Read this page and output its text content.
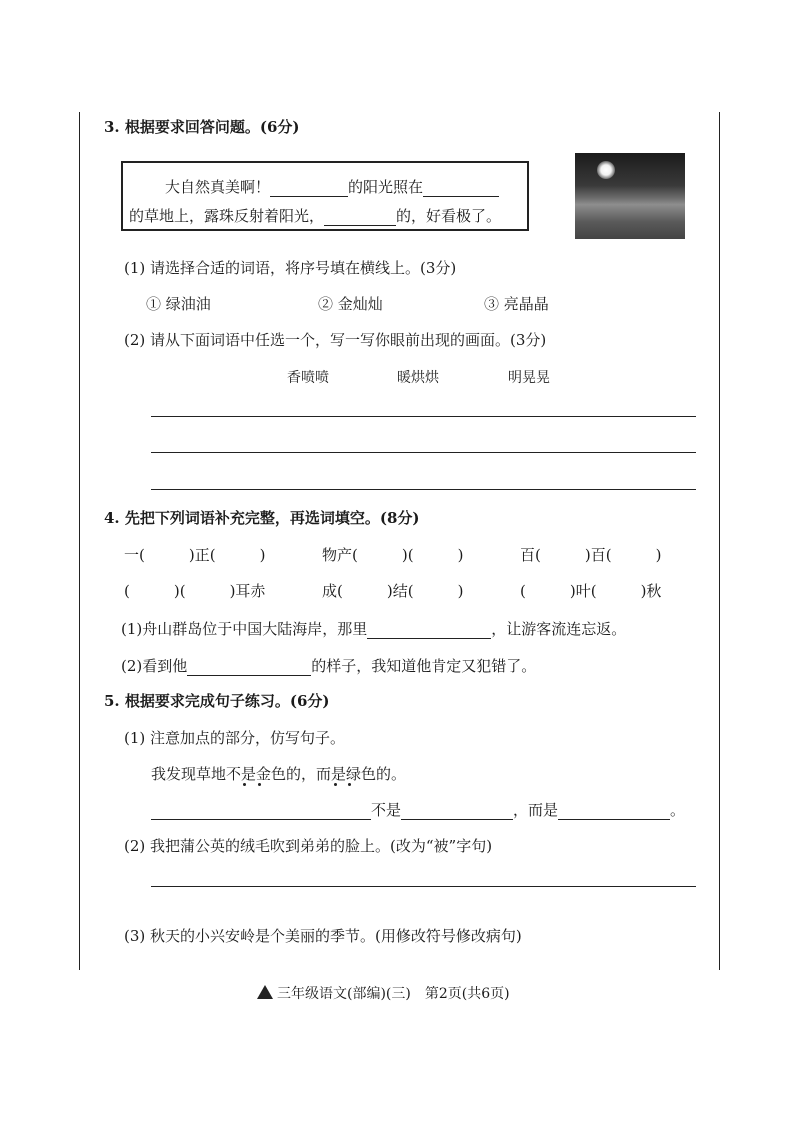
3. 根据要求回答问题。(6分)
大自然真美啊！	的阳光照在
的草地上，露珠反射着阳光，	的，好看极了。
(1) 请选择合适的词语，将序号填在横线上。(3分)
① 绿油油	② 金灿灿	③ 亮晶晶
(2) 请从下面词语中任选一个，写一写你眼前出现的画面。(3分)
香喷喷	暖烘烘	明晃晃
4. 先把下列词语补充完整，再选词填空。(8分)
一(	)正(	)	物产(	)(	)	百(	)百(	)
(	)(	)耳赤	成(	)结(	)	(	)叶(	)秋
(1)舟山群岛位于中国大陆海岸，那里	，让游客流连忘返。
(2)看到他	的样子，我知道他肯定又犯错了。
5. 根据要求完成句子练习。(6分)
(1) 注意加点的部分，仿写句子。
我发现草地不是金色的，而是绿色的。
不是	，而是	。
(2) 我把蒲公英的绒毛吹到弟弟的脸上。(改为“被”字句)
(3) 秋天的小兴安岭是个美丽的季节。(用修改符号修改病句)
三年级语文(部编)(三)　第2页(共6页)
